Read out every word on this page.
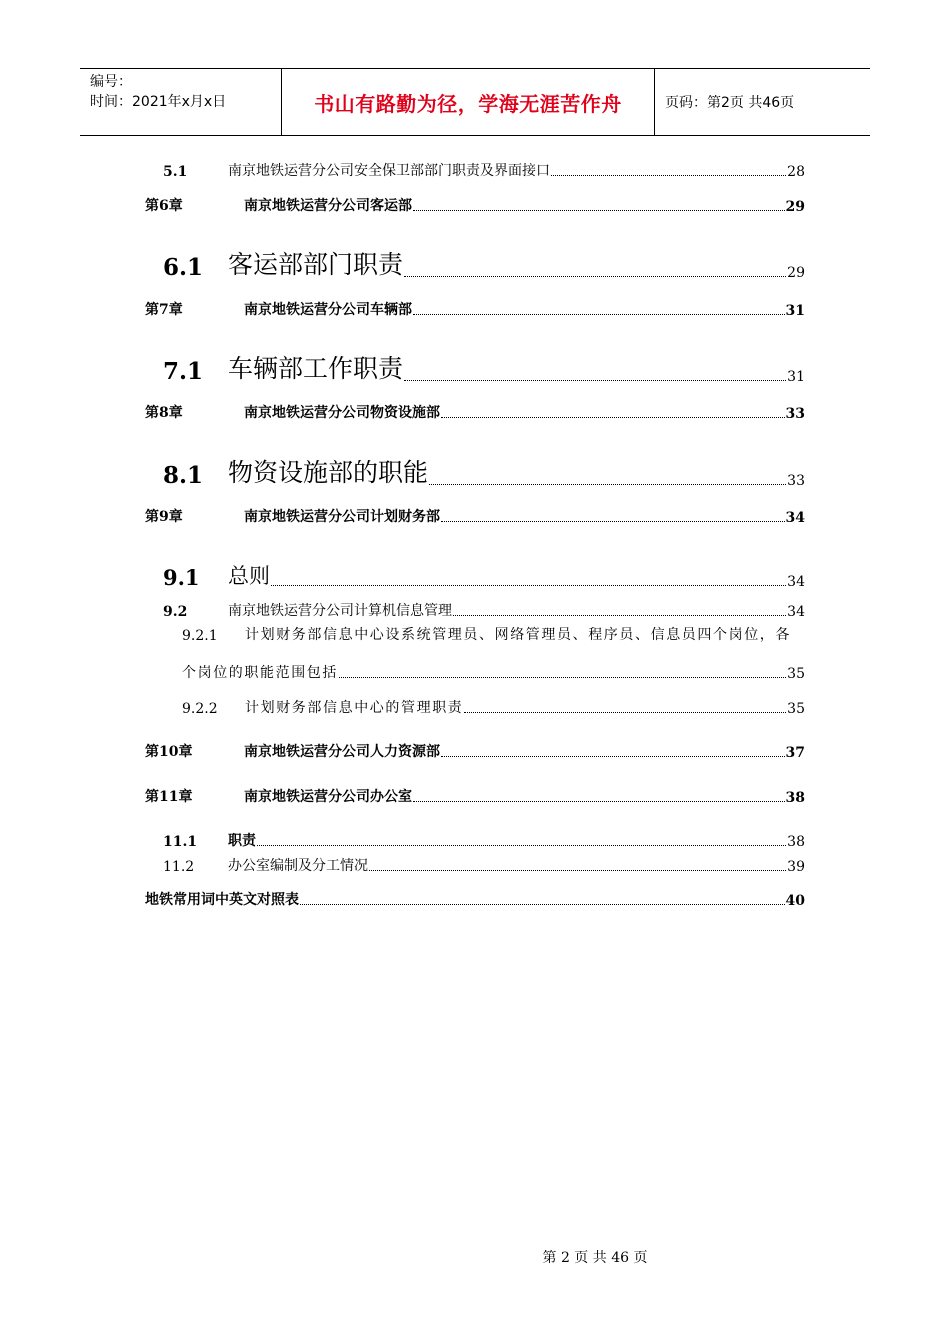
编号：
时间：2021年x月x日	书山有路勤为径，学海无涯苦作舟	页码：第2页 共46页
5.1	南京地铁运营分公司安全保卫部部门职责及界面接口	28
第6章	南京地铁运营分公司客运部	29
6.1 客运部部门职责	29
第7章	南京地铁运营分公司车辆部	31
7.1 车辆部工作职责	31
第8章	南京地铁运营分公司物资设施部	33
8.1 物资设施部的职能	33
第9章	南京地铁运营分公司计划财务部	34
9.1	总则	34
9.2	南京地铁运营分公司计算机信息管理	34
9.2.1	计划财务部信息中心设系统管理员、网络管理员、程序员、信息员四个岗位，各
个岗位的职能范围包括	35
9.2.2	计划财务部信息中心的管理职责	35
第10章	南京地铁运营分公司人力资源部	37
第11章	南京地铁运营分公司办公室	38
11.1	职责	38
11.2	办公室编制及分工情况	39
地铁常用词中英文对照表	40
第 2 页 共 46 页
